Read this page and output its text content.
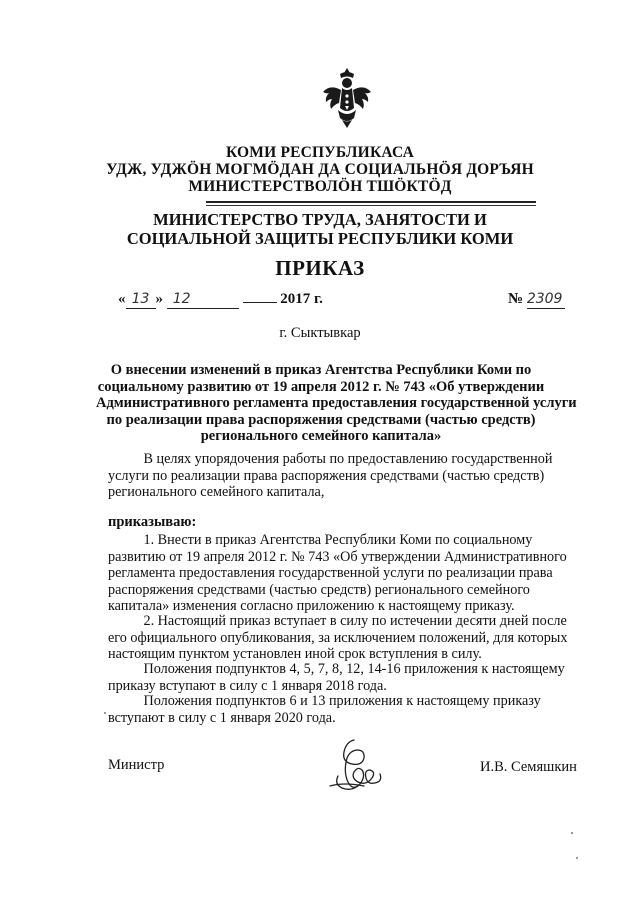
КОМИ РЕСПУБЛИКАСА
УДЖ, УДЖӦН МОГМӦДАН ДА СОЦИАЛЬНӦЯ ДОРЪЯН
МИНИСТЕРСТВОЛӦН ТШӦКТӦД
МИНИСТЕРСТВО ТРУДА, ЗАНЯТОСТИ И
СОЦИАЛЬНОЙ ЗАЩИТЫ РЕСПУБЛИКИ КОМИ
ПРИКАЗ
« 13 » 12	2017 г.	№ 2309
г. Сыктывкар
О внесении изменений в приказ Агентства Республики Коми по
социальному развитию от 19 апреля 2012 г. № 743 «Об утверждении
Административного регламента предоставления государственной услуги
по реализации права распоряжения средствами (частью средств)
регионального семейного капитала»
В целях упорядочения работы по предоставлению государственной
услуги по реализации права распоряжения средствами (частью средств)
регионального семейного капитала,
приказываю:
1. Внести в приказ Агентства Республики Коми по социальному
развитию от 19 апреля 2012 г. № 743 «Об утверждении Административного
регламента предоставления государственной услуги по реализации права
распоряжения средствами (частью средств) регионального семейного
капитала» изменения согласно приложению к настоящему приказу.
2. Настоящий приказ вступает в силу по истечении десяти дней после
его официального опубликования, за исключением положений, для которых
настоящим пунктом установлен иной срок вступления в силу.
Положения подпунктов 4, 5, 7, 8, 12, 14-16 приложения к настоящему
приказу вступают в силу с 1 января 2018 года.
Положения подпунктов 6 и 13 приложения к настоящему приказу
вступают в силу с 1 января 2020 года.
Министр	И.В. Семяшкин
